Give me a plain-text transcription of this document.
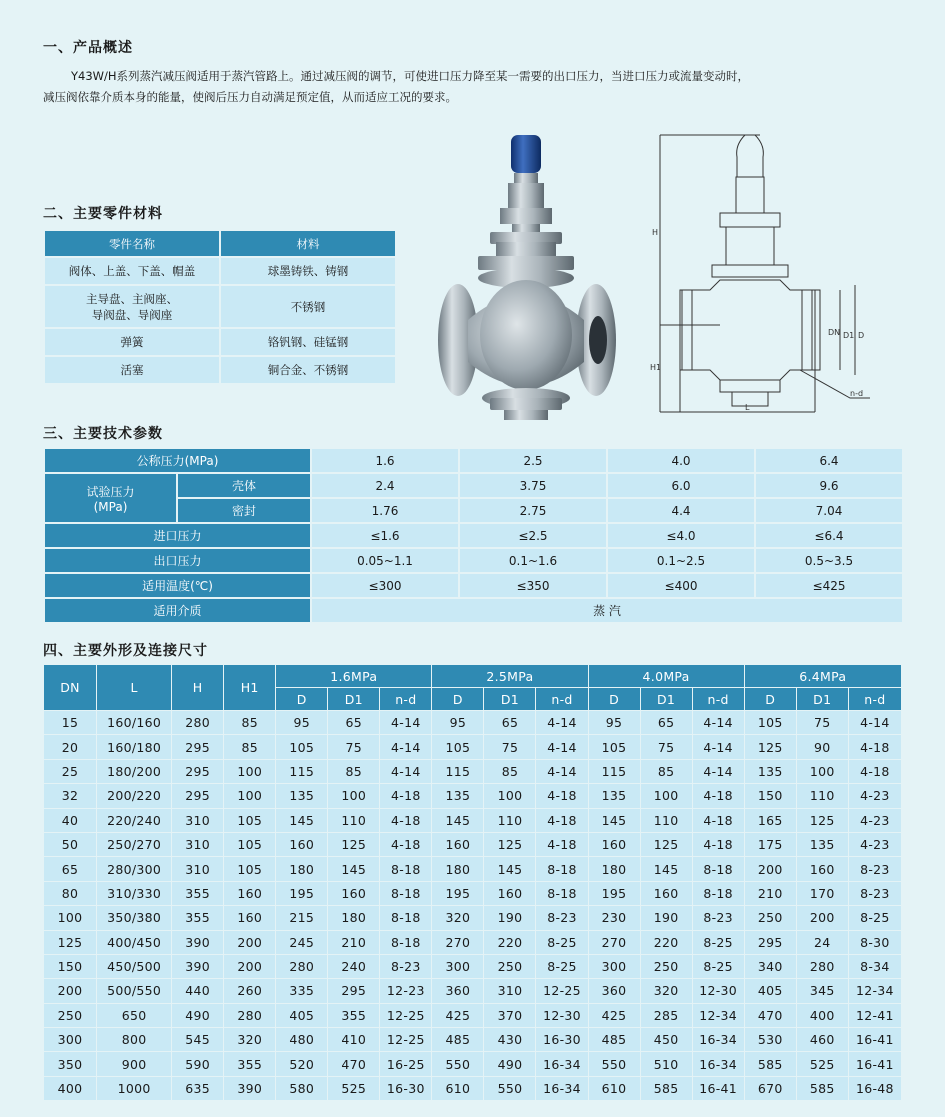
一、产品概述

Y43W/H系列蒸汽减压阀适用于蒸汽管路上。通过减压阀的调节，可使进口压力降至某一需要的出口压力，当进口压力或流量变动时，

减压阀依靠介质本身的能量，使阀后压力自动满足预定值，从而适应工况的要求。

二、主要零件材料
零件名称	材料
阀体、上盖、下盖、帽盖	球墨铸铁、铸钢
主导盘、主阀座、
导阀盘、导阀座	不锈钢
弹簧	铬钒钢、硅锰钢
活塞	铜合金、不锈钢
H
H1
L
DN D1 D
n-d
三、主要技术参数
公称压力(MPa)		1.6	2.5	4.0	6.4
试验压力
(MPa)	壳体	2.4	3.75	6.0	9.6
	密封	1.76	2.75	4.4	7.04
进口压力		≤1.6	≤2.5	≤4.0	≤6.4
出口压力		0.05~1.1	0.1~1.6	0.1~2.5	0.5~3.5
适用温度(℃)		≤300	≤350	≤400	≤425
适用介质		蒸 汽			
四、主要外形及连接尺寸
DN	L	H	H1	1.6MPa			2.5MPa			4.0MPa			6.4MPa		
				D	D1	n-d	D	D1	n-d	D	D1	n-d	D	D1	n-d
15	160/160	280	85	95	65	4-14	95	65	4-14	95	65	4-14	105	75	4-14
20	160/180	295	85	105	75	4-14	105	75	4-14	105	75	4-14	125	90	4-18
25	180/200	295	100	115	85	4-14	115	85	4-14	115	85	4-14	135	100	4-18
32	200/220	295	100	135	100	4-18	135	100	4-18	135	100	4-18	150	110	4-23
40	220/240	310	105	145	110	4-18	145	110	4-18	145	110	4-18	165	125	4-23
50	250/270	310	105	160	125	4-18	160	125	4-18	160	125	4-18	175	135	4-23
65	280/300	310	105	180	145	8-18	180	145	8-18	180	145	8-18	200	160	8-23
80	310/330	355	160	195	160	8-18	195	160	8-18	195	160	8-18	210	170	8-23
100	350/380	355	160	215	180	8-18	320	190	8-23	230	190	8-23	250	200	8-25
125	400/450	390	200	245	210	8-18	270	220	8-25	270	220	8-25	295	24	8-30
150	450/500	390	200	280	240	8-23	300	250	8-25	300	250	8-25	340	280	8-34
200	500/550	440	260	335	295	12-23	360	310	12-25	360	320	12-30	405	345	12-34
250	650	490	280	405	355	12-25	425	370	12-30	425	285	12-34	470	400	12-41
300	800	545	320	480	410	12-25	485	430	16-30	485	450	16-34	530	460	16-41
350	900	590	355	520	470	16-25	550	490	16-34	550	510	16-34	585	525	16-41
400	1000	635	390	580	525	16-30	610	550	16-34	610	585	16-41	670	585	16-48
